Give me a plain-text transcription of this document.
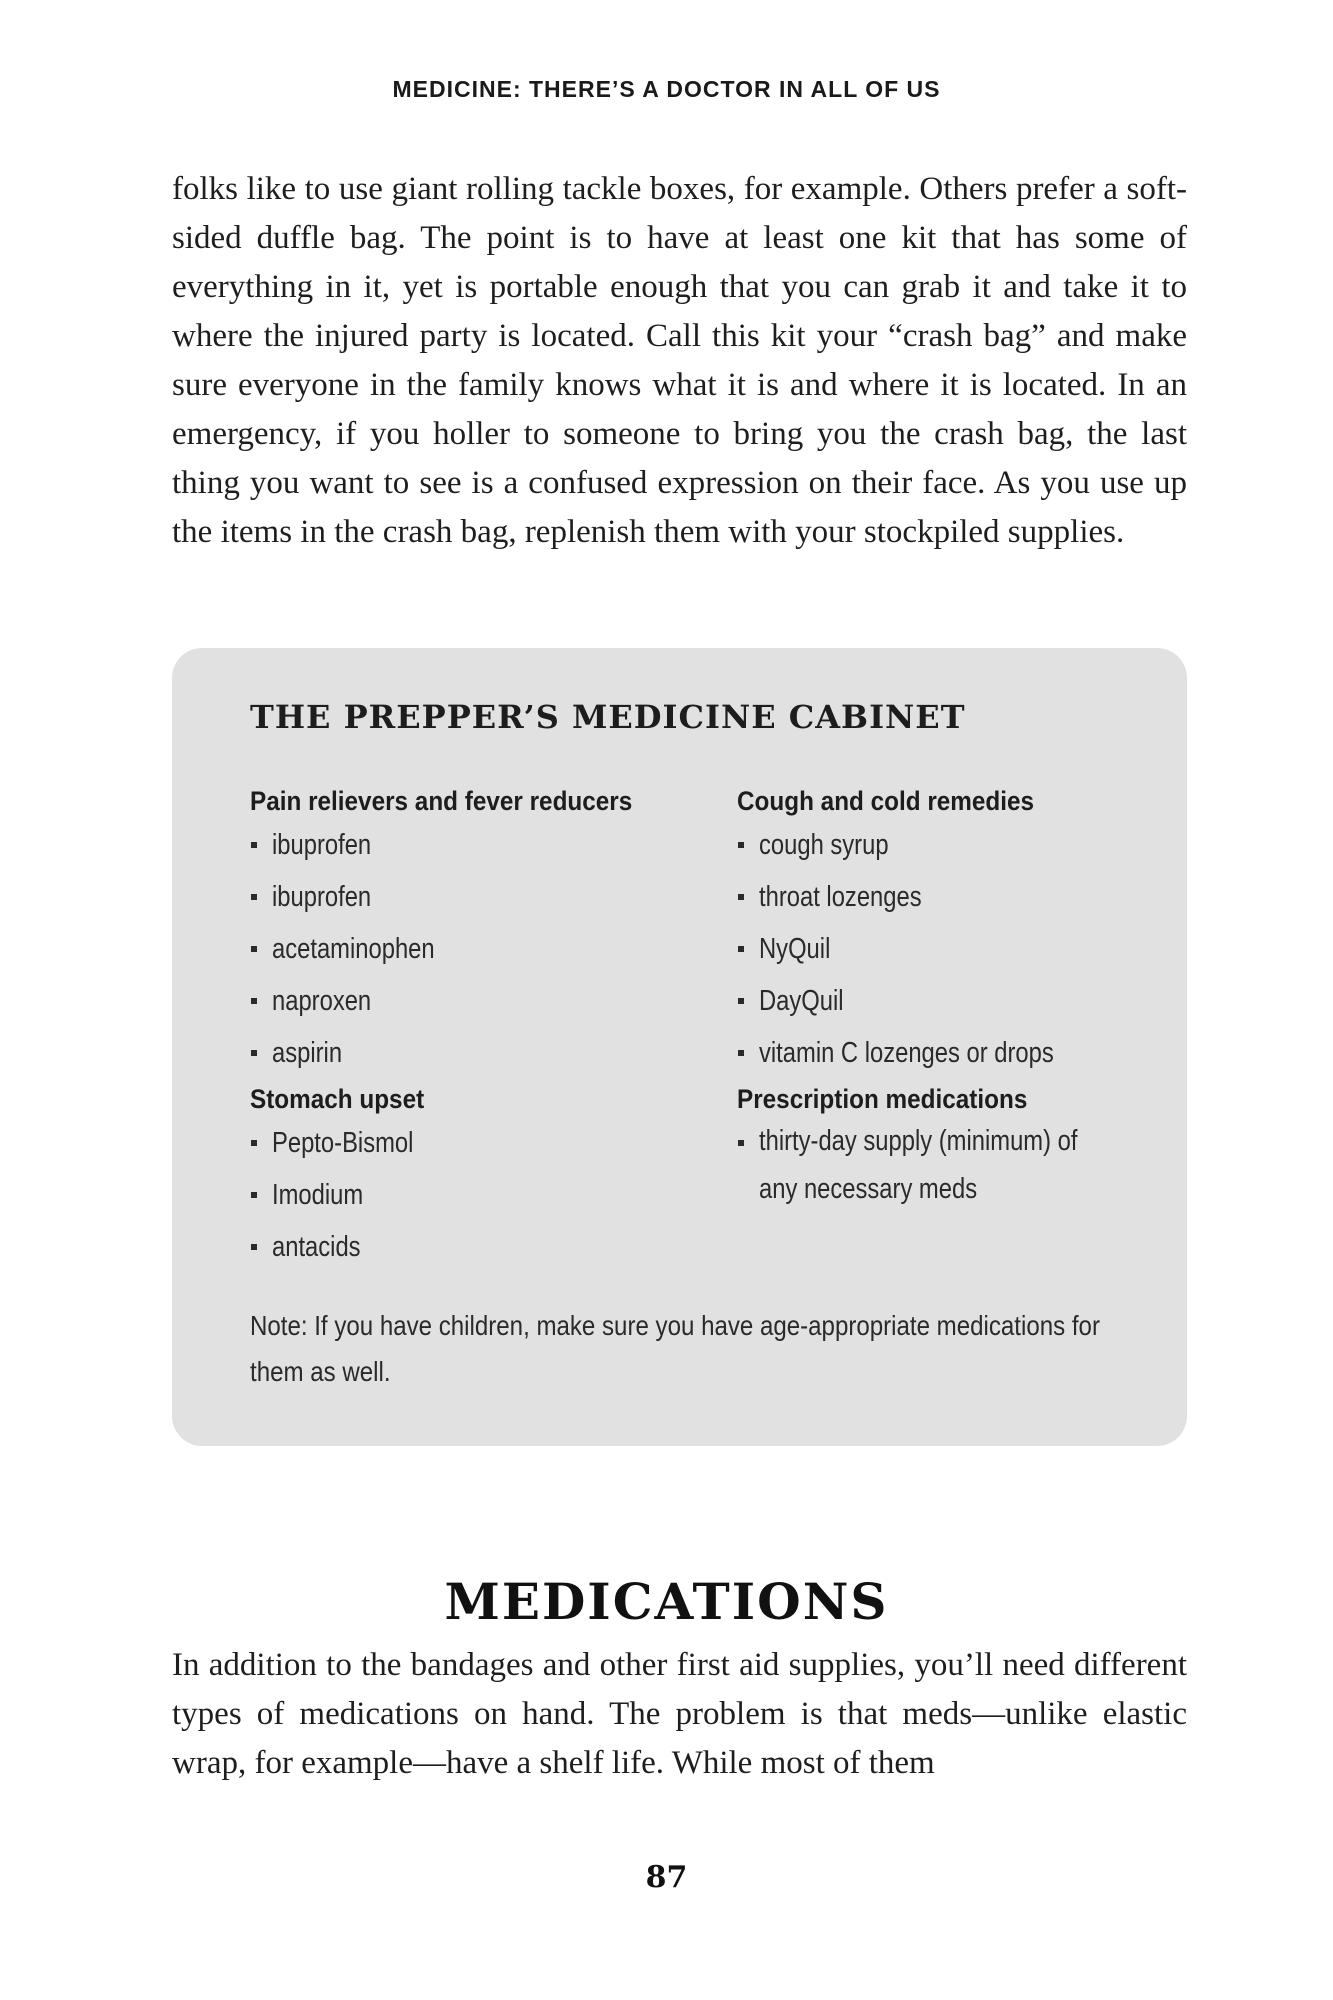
MEDICINE: THERE’S A DOCTOR IN ALL OF US

folks like to use giant rolling tackle boxes, for example. Others prefer a soft-sided duffle bag. The point is to have at least one kit that has some of everything in it, yet is portable enough that you can grab it and take it to where the injured party is located. Call this kit your “crash bag” and make sure everyone in the family knows what it is and where it is located. In an emergency, if you holler to someone to bring you the crash bag, the last thing you want to see is a confused expression on their face. As you use up the items in the crash bag, replenish them with your stockpiled supplies.

THE PREPPER’S MEDICINE CABINET
Pain relievers and fever reducers
ibuprofen
ibuprofen
acetaminophen
naproxen
aspirin
Stomach upset
Pepto-Bismol
Imodium
antacids
Cough and cold remedies
cough syrup
throat lozenges
NyQuil
DayQuil
vitamin C lozenges or drops
Prescription medications
thirty-day supply (minimum) of any necessary meds
Note: If you have children, make sure you have age-appropriate medications for them as well.
MEDICATIONS

In addition to the bandages and other first aid supplies, you’ll need different types of medications on hand. The problem is that meds—unlike elastic wrap, for example—have a shelf life. While most of them

87
